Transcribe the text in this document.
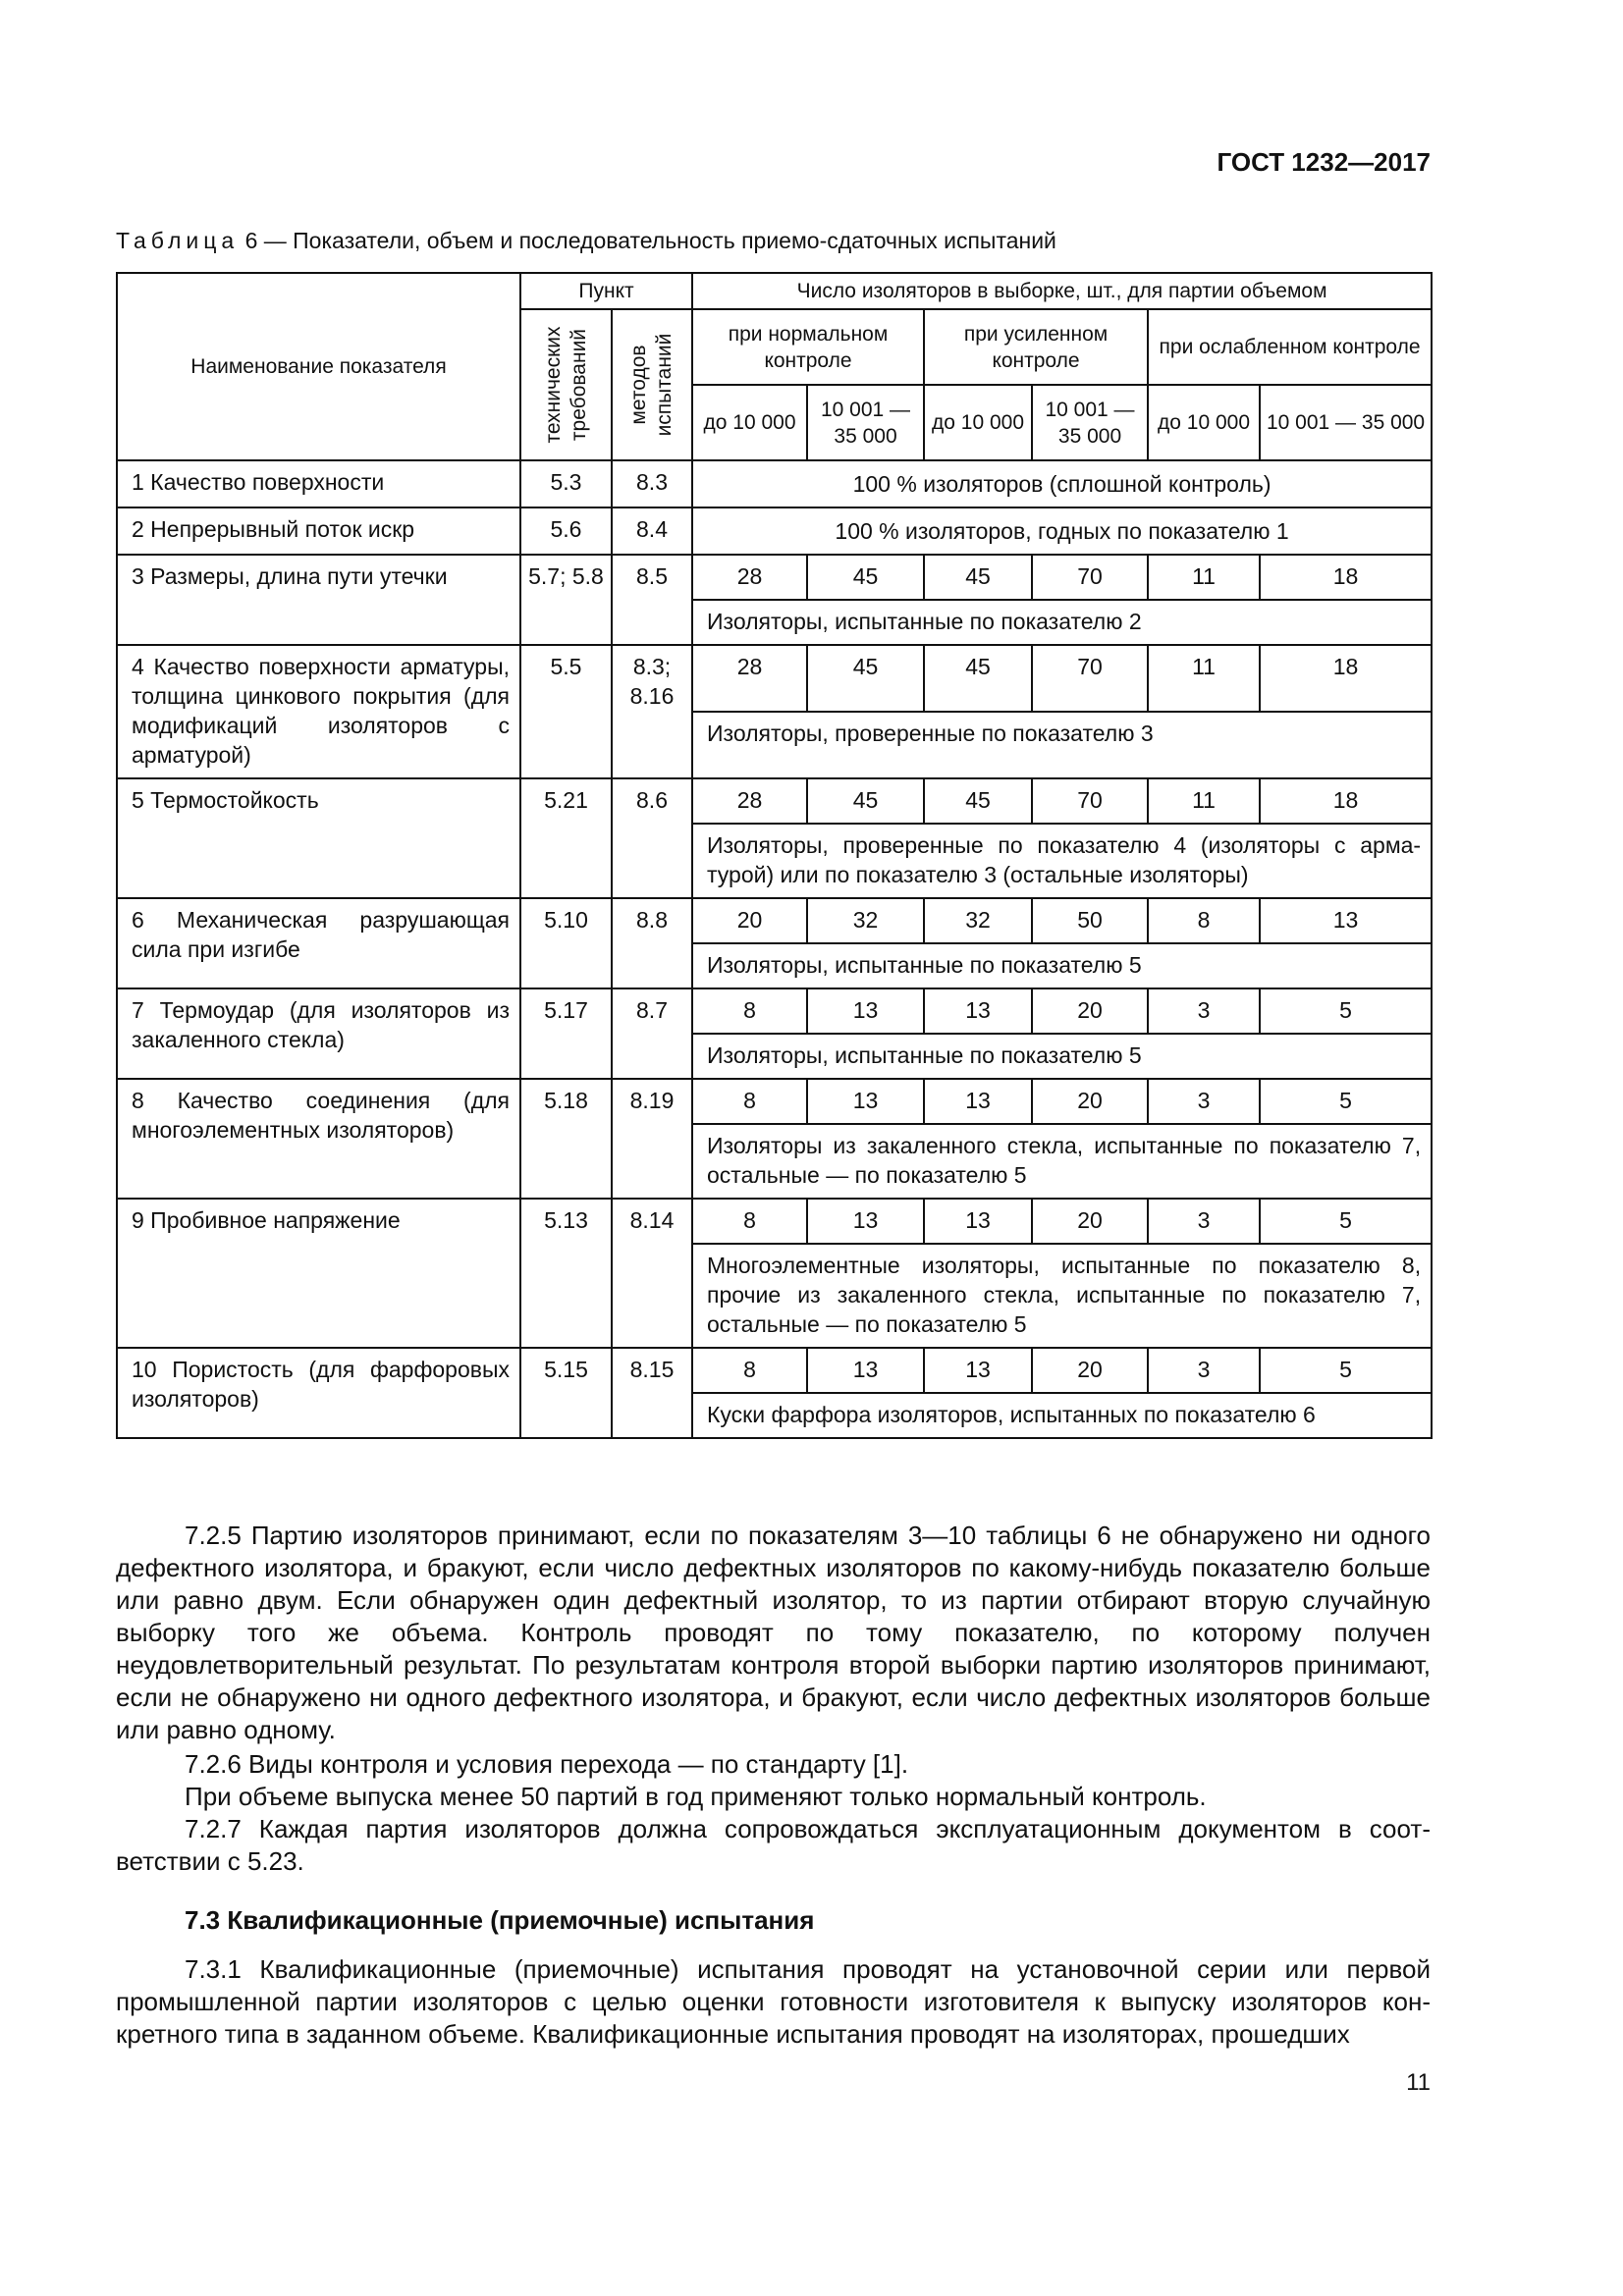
ГОСТ 1232—2017
Таблица 6 — Показатели, объем и последовательность приемо-сдаточных испытаний
Наименование показателя	Пункт		Число изоляторов в выборке, шт., для партии объемом					

	технических требований	методов испытаний	при нормальном контроле		при усиленном контроле		при ослабленном контроле	
			до 10 000	10 001 — 35 000	до 10 000	10 001 — 35 000	до 10 000	10 001 — 35 000
1 Качество поверхности	5.3	8.3	100 % изоляторов (сплошной контроль)					
2 Непрерывный поток искр	5.6	8.4	100 % изоляторов, годных по показателю 1					
3 Размеры, длина пути утечки	5.7; 5.8	8.5	28	45	45	70	11	18
			Изоляторы, испытанные по показателю 2					
4 Качество поверхности арматуры, толщина цинкового покрытия (для модификаций изоляторов с арматурой)	5.5	8.3; 8.16	28	45	45	70	11	18
			Изоляторы, проверенные по показателю 3					
5 Термостойкость	5.21	8.6	28	45	45	70	11	18
			Изоляторы, проверенные по показателю 4 (изоляторы с арматурой) или по показателю 3 (остальные изоляторы)					
6 Механическая разрушающая сила при изгибе	5.10	8.8	20	32	32	50	8	13
			Изоляторы, испытанные по показателю 5					
7 Термоудар (для изоляторов из закаленного стекла)	5.17	8.7	8	13	13	20	3	5
			Изоляторы, испытанные по показателю 5					
8 Качество соединения (для многоэлементных изоляторов)	5.18	8.19	8	13	13	20	3	5
			Изоляторы из закаленного стекла, испытанные по показателю 7, остальные — по показателю 5					
9 Пробивное напряжение	5.13	8.14	8	13	13	20	3	5
			Многоэлементные изоляторы, испытанные по показателю 8, прочие из закаленного стекла, испытанные по показателю 7, остальные — по показателю 5					
10 Пористость (для фарфоровых изоляторов)	5.15	8.15	8	13	13	20	3	5
			Куски фарфора изоляторов, испытанных по показателю 6					
7.2.5 Партию изоляторов принимают, если по показателям 3—10 таблицы 6 не обнаружено ни одного дефектного изолятора, и бракуют, если число дефектных изоляторов по какому-нибудь показателю больше или равно двум. Если обнаружен один дефектный изолятор, то из партии отбирают вторую случайную выборку того же объема. Контроль проводят по тому показателю, по которому получен неудовлетворительный результат. По результатам контроля второй выборки партию изоляторов принимают, если не обнаружено ни одного дефектного изолятора, и бракуют, если число дефектных изоляторов больше или равно одному.
7.2.6 Виды контроля и условия перехода — по стандарту [1].
При объеме выпуска менее 50 партий в год применяют только нормальный контроль.
7.2.7 Каждая партия изоляторов должна сопровождаться эксплуатационным документом в соответствии с 5.23.
7.3 Квалификационные (приемочные) испытания
7.3.1 Квалификационные (приемочные) испытания проводят на установочной серии или первой промышленной партии изоляторов с целью оценки готовности изготовителя к выпуску изоляторов конкретного типа в заданном объеме. Квалификационные испытания проводят на изоляторах, прошедших
11
